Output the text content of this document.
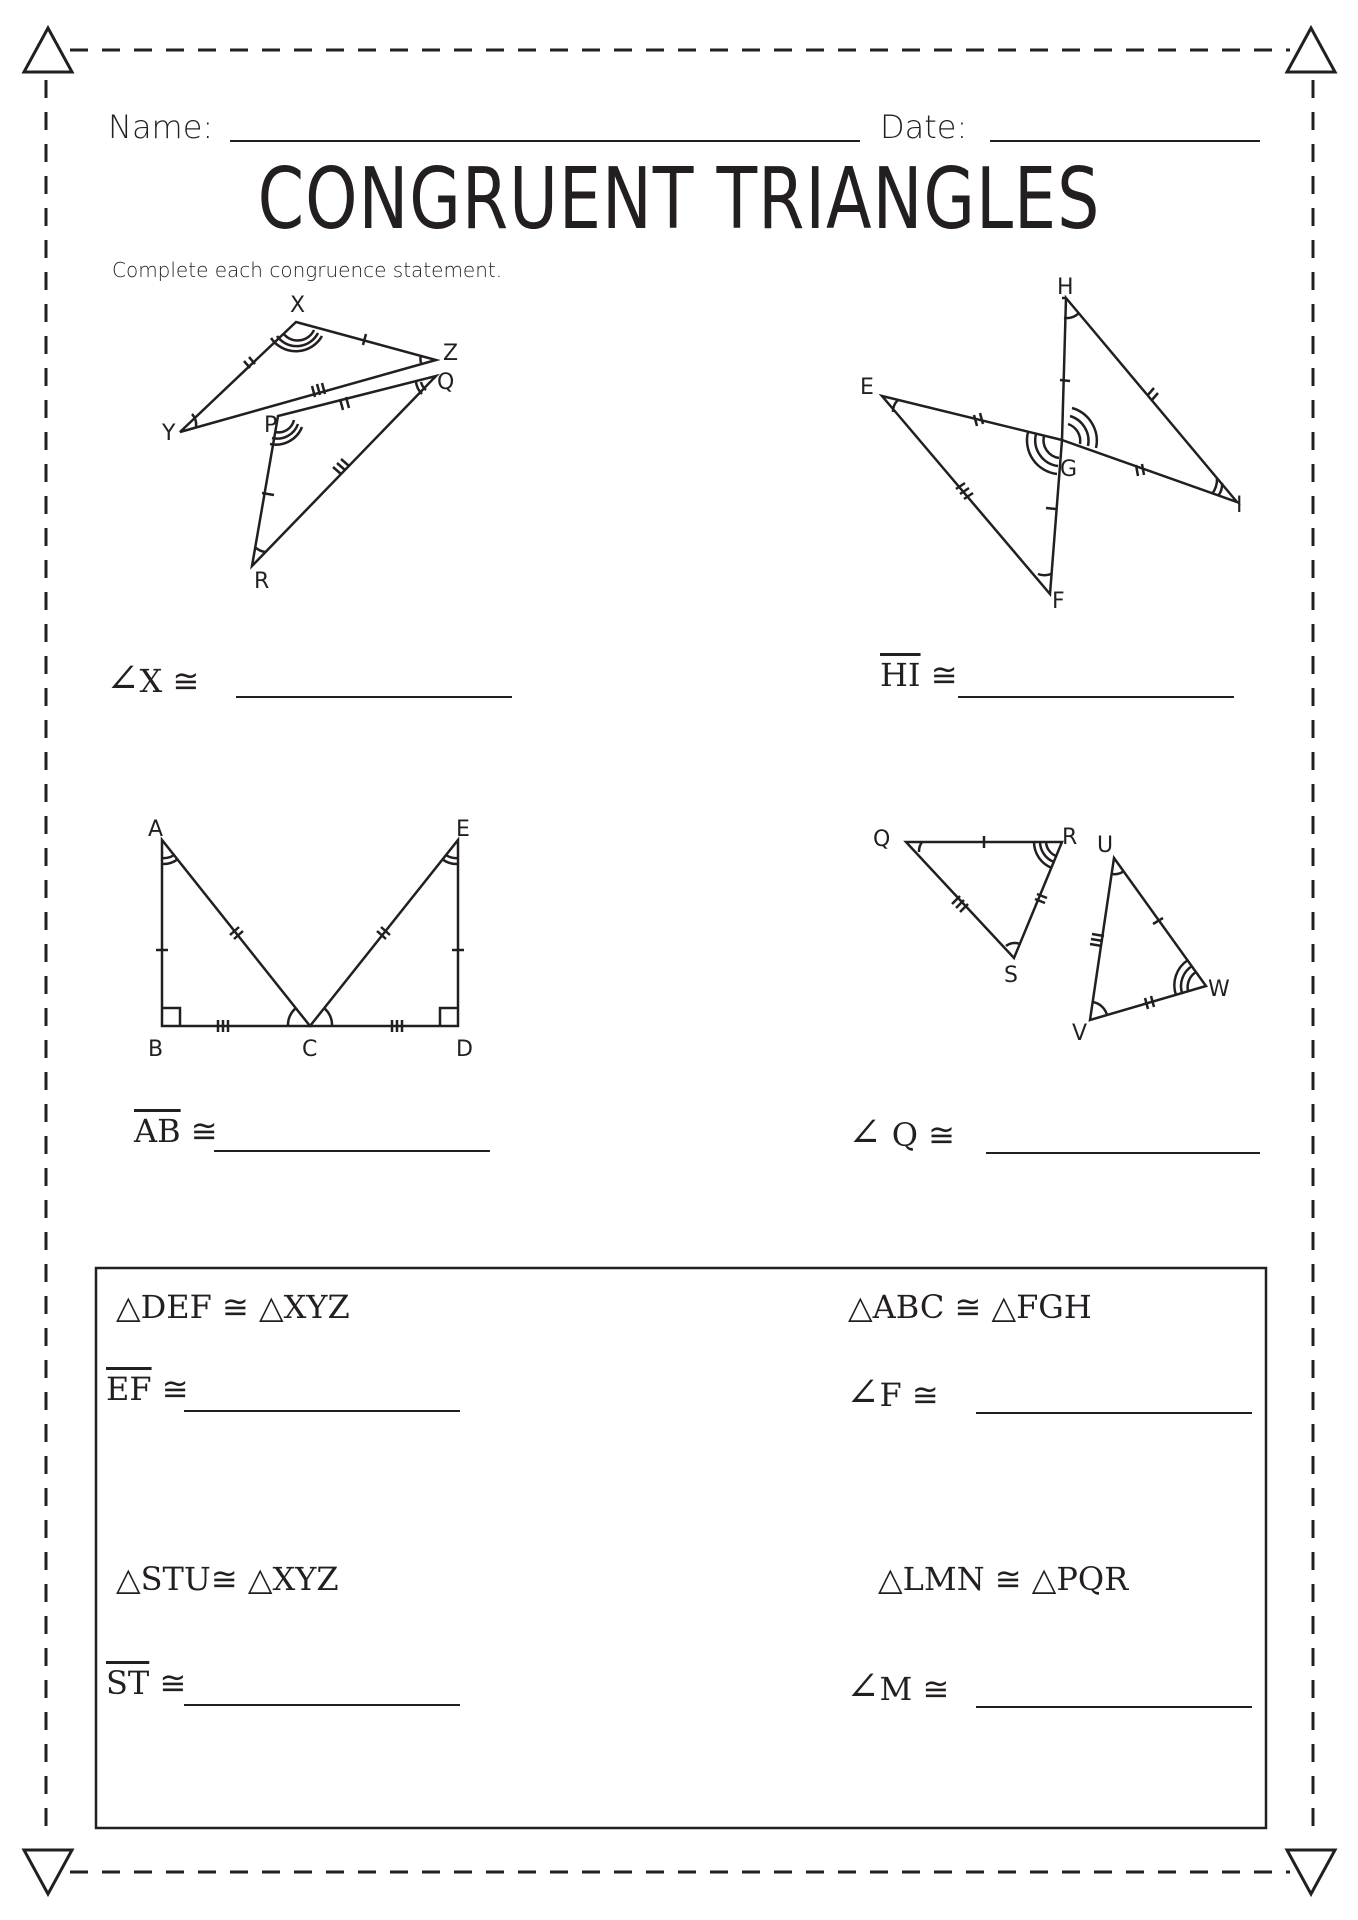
Name:	Date:
CONGRUENT TRIANGLES
Complete each congruence statement.
X
Z
Q
Y	P
R
H
E
G
I
F
A	E
B	C	D
Q	R U
S
W
V
∠X ≅	$\overline{HI}$ ≅
$\overline{AB}$ ≅	∠ Q ≅
△DEF ≅ △XYZ
$\overline{EF}$ ≅
△ABC ≅ △FGH
∠F ≅
△STU≅ △XYZ
$\overline{ST}$ ≅
△LMN ≅ △PQR
∠M ≅
